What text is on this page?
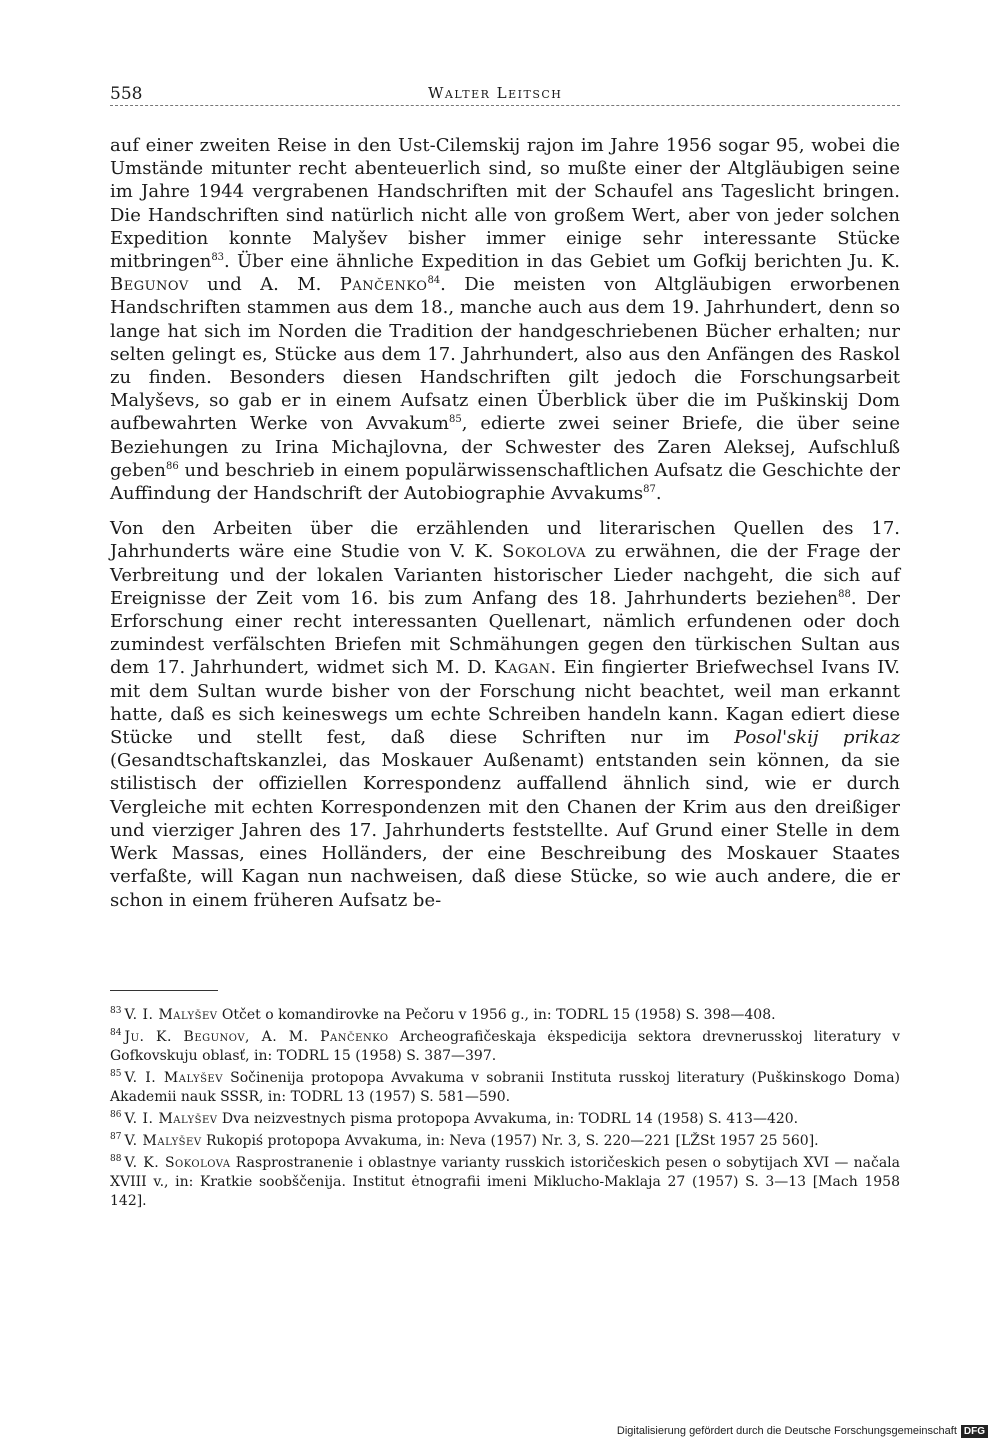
558	Walter Leitsch

auf einer zweiten Reise in den Ust-Cilemskij rajon im Jahre 1956 sogar 95, wobei die Umstände mitunter recht abenteuerlich sind, so mußte einer der Altgläubigen seine im Jahre 1944 vergrabenen Handschriften mit der Schaufel ans Tageslicht bringen. Die Handschriften sind natürlich nicht alle von großem Wert, aber von jeder solchen Expedition konnte Malyšev bisher immer einige sehr interessante Stücke mitbringen$^{83}$. Über eine ähnliche Expedition in das Gebiet um Gofkij berichten Ju. K. Begunov und A. M. Pančenko$^{84}$. Die meisten von Altgläubigen erworbenen Handschriften stammen aus dem 18., manche auch aus dem 19. Jahrhundert, denn so lange hat sich im Norden die Tradition der handgeschriebenen Bücher erhalten; nur selten gelingt es, Stücke aus dem 17. Jahrhundert, also aus den Anfängen des Raskol zu finden. Besonders diesen Handschriften gilt jedoch die Forschungsarbeit Malyševs, so gab er in einem Aufsatz einen Überblick über die im Puškinskij Dom aufbewahrten Werke von Avvakum$^{85}$, edierte zwei seiner Briefe, die über seine Beziehungen zu Irina Michajlovna, der Schwester des Zaren Aleksej, Aufschluß geben$^{86}$ und beschrieb in einem populärwissenschaftlichen Aufsatz die Geschichte der Auffindung der Handschrift der Autobiographie Avvakums$^{87}$.

Von den Arbeiten über die erzählenden und literarischen Quellen des 17. Jahrhunderts wäre eine Studie von V. K. Sokolova zu erwähnen, die der Frage der Verbreitung und der lokalen Varianten historischer Lieder nachgeht, die sich auf Ereignisse der Zeit vom 16. bis zum Anfang des 18. Jahrhunderts beziehen$^{88}$. Der Erforschung einer recht interessanten Quellenart, nämlich erfundenen oder doch zumindest verfälschten Briefen mit Schmähungen gegen den türkischen Sultan aus dem 17. Jahrhundert, widmet sich M. D. Kagan. Ein fingierter Briefwechsel Ivans IV. mit dem Sultan wurde bisher von der Forschung nicht beachtet, weil man erkannt hatte, daß es sich keineswegs um echte Schreiben handeln kann. Kagan ediert diese Stücke und stellt fest, daß diese Schriften nur im Posol'skij prikaz (Gesandtschaftskanzlei, das Moskauer Außenamt) entstanden sein können, da sie stilistisch der offiziellen Korrespondenz auffallend ähnlich sind, wie er durch Vergleiche mit echten Korrespondenzen mit den Chanen der Krim aus den dreißiger und vierziger Jahren des 17. Jahrhunderts feststellte. Auf Grund einer Stelle in dem Werk Massas, eines Holländers, der eine Beschreibung des Moskauer Staates verfaßte, will Kagan nun nachweisen, daß diese Stücke, so wie auch andere, die er schon in einem früheren Aufsatz be-

$^{83}$ V. I. Malyšev Otčet o komandirovke na Pečoru v 1956 g., in: TODRL 15 (1958) S. 398—408.
$^{84}$ Ju. K. Begunov, A. M. Pančenko Archeografičeskaja ėkspedicija sektora drevnerusskoj literatury v Gofkovskuju oblasť, in: TODRL 15 (1958) S. 387—397.
$^{85}$ V. I. Malyšev Sočinenija protopopa Avvakuma v sobranii Instituta russkoj literatury (Puškinskogo Doma) Akademii nauk SSSR, in: TODRL 13 (1957) S. 581—590.
$^{86}$ V. I. Malyšev Dva neizvestnych pisma protopopa Avvakuma, in: TODRL 14 (1958) S. 413—420.
$^{87}$ V. Malyšev Rukopiś protopopa Avvakuma, in: Neva (1957) Nr. 3, S. 220—221 [LŽSt 1957 25 560].
$^{88}$ V. K. Sokolova Rasprostranenie i oblastnye varianty russkich istoričeskich pesen o sobytijach XVI — načala XVIII v., in: Kratkie soobščenija. Institut ėtnografii imeni Miklucho-Maklaja 27 (1957) S. 3—13 [Mach 1958 142].
Digitalisierung gefördert durch die Deutsche Forschungsgemeinschaft DFG
